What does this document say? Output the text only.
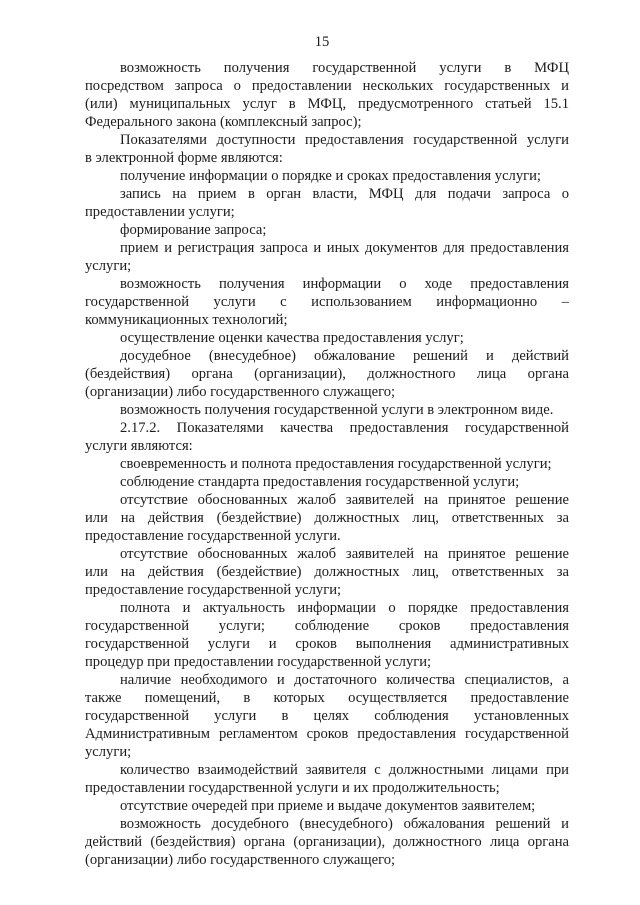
15
возможность получения государственной услуги в МФЦ
посредством запроса о предоставлении нескольких государственных и
(или) муниципальных услуг в МФЦ, предусмотренного статьей 15.1
Федерального закона (комплексный запрос);
Показателями доступности предоставления государственной услуги
в электронной форме являются:
получение информации о порядке и сроках предоставления услуги;
запись на прием в орган власти, МФЦ для подачи запроса о
предоставлении услуги;
формирование запроса;
прием и регистрация запроса и иных документов для предоставления
услуги;
возможность получения информации о ходе предоставления
государственной услуги с использованием информационно –
коммуникационных технологий;
осуществление оценки качества предоставления услуг;
досудебное (внесудебное) обжалование решений и действий
(бездействия) органа (организации), должностного лица органа
(организации) либо государственного служащего;
возможность получения государственной услуги в электронном виде.
2.17.2. Показателями качества предоставления государственной
услуги являются:
своевременность и полнота предоставления государственной услуги;
соблюдение стандарта предоставления государственной услуги;
отсутствие обоснованных жалоб заявителей на принятое решение
или на действия (бездействие) должностных лиц, ответственных за
предоставление государственной услуги.
отсутствие обоснованных жалоб заявителей на принятое решение
или на действия (бездействие) должностных лиц, ответственных за
предоставление государственной услуги;
полнота и актуальность информации о порядке предоставления
государственной услуги; соблюдение сроков предоставления
государственной услуги и сроков выполнения административных
процедур при предоставлении государственной услуги;
наличие необходимого и достаточного количества специалистов, а
также помещений, в которых осуществляется предоставление
государственной услуги в целях соблюдения установленных
Административным регламентом сроков предоставления государственной
услуги;
количество взаимодействий заявителя с должностными лицами при
предоставлении государственной услуги и их продолжительность;
отсутствие очередей при приеме и выдаче документов заявителем;
возможность досудебного (внесудебного) обжалования решений и
действий (бездействия) органа (организации), должностного лица органа
(организации) либо государственного служащего;
